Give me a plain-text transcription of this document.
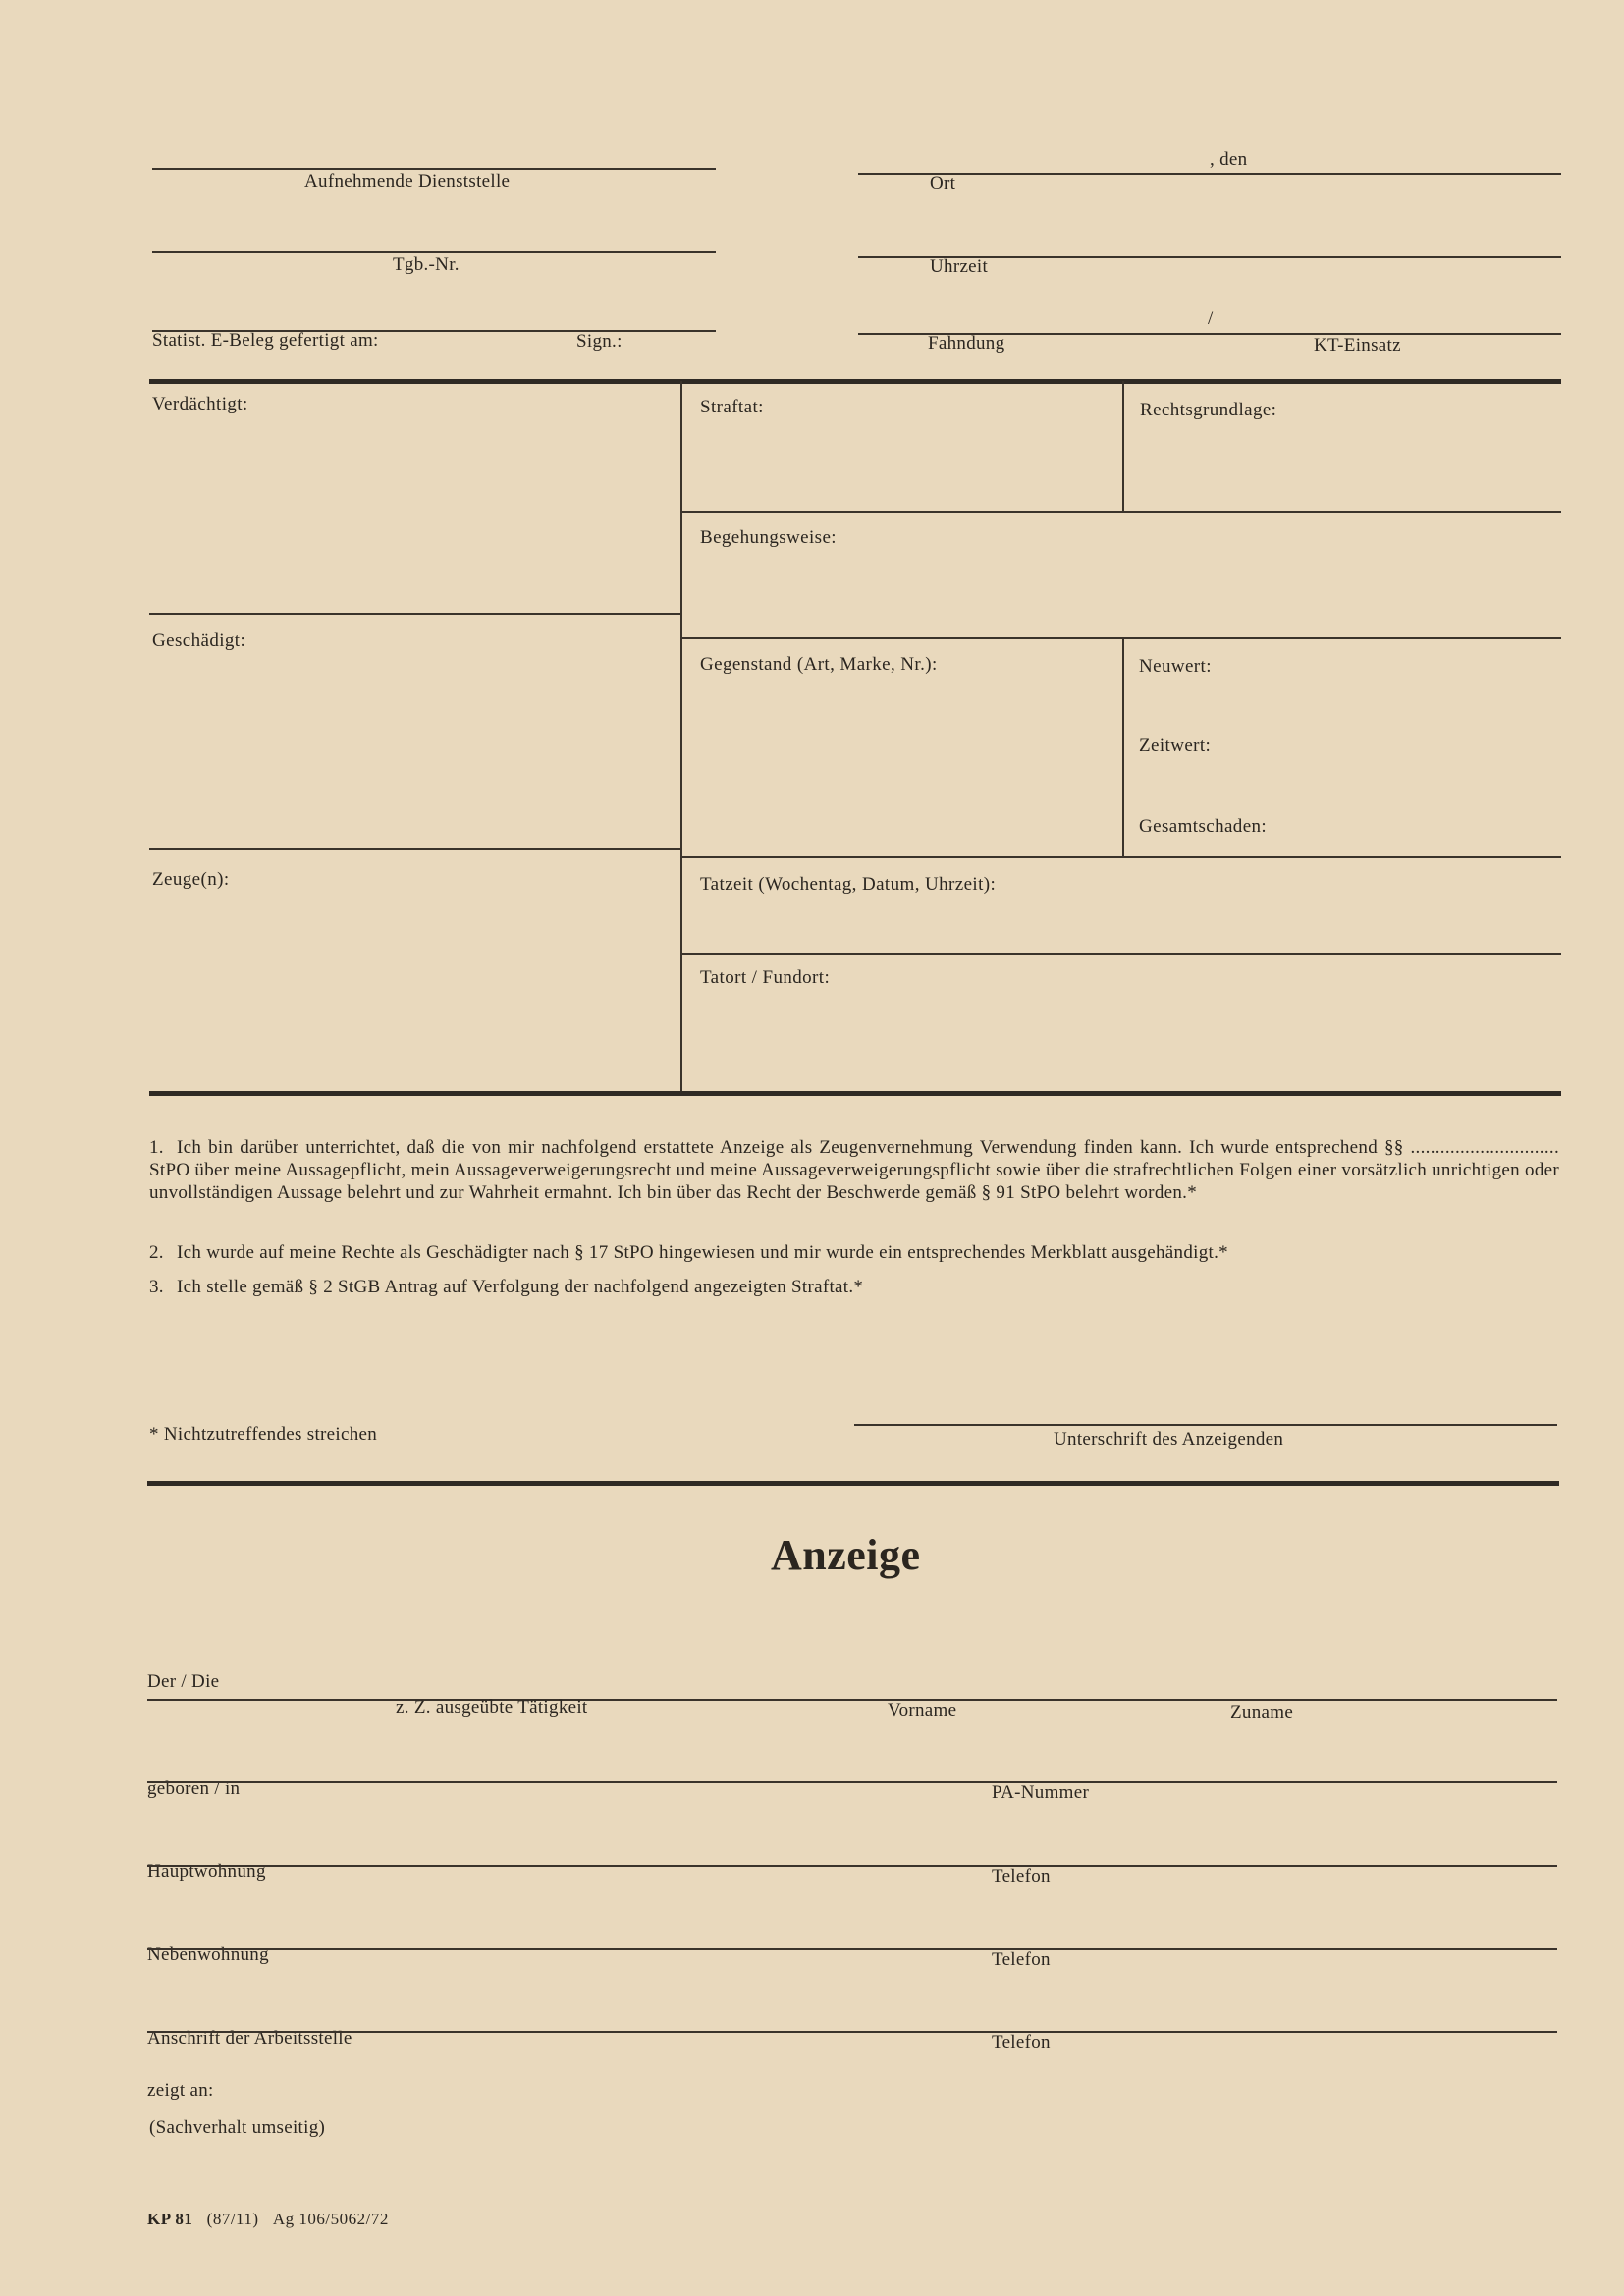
Aufnehmende Dienststelle
, den
Ort
Tgb.-Nr.	Uhrzeit
Statist. E-Beleg gefertigt am:	Sign.:
/
Fahndung	KT-Einsatz
Verdächtigt:	Straftat:	Rechtsgrundlage:
Begehungsweise:
Geschädigt:
Gegenstand (Art, Marke, Nr.):	Neuwert:
Zeitwert:
Gesamtschaden:
Zeuge(n):	Tatzeit (Wochentag, Datum, Uhrzeit):
Tatort / Fundort:
1. Ich bin darüber unterrichtet, daß die von mir nachfolgend erstattete Anzeige als Zeugenvernehmung Verwendung finden kann. Ich wurde entsprechend §§ .............................. StPO über meine Aussagepflicht, mein Aussageverweigerungsrecht und meine Aussageverweigerungspflicht sowie über die strafrechtlichen Folgen einer vorsätzlich unrichtigen oder unvollständigen Aussage belehrt und zur Wahrheit ermahnt. Ich bin über das Recht der Beschwerde gemäß § 91 StPO belehrt worden.*
2. Ich wurde auf meine Rechte als Geschädigter nach § 17 StPO hingewiesen und mir wurde ein entsprechendes Merkblatt ausgehändigt.*
3. Ich stelle gemäß § 2 StGB Antrag auf Verfolgung der nachfolgend angezeigten Straftat.*
* Nichtzutreffendes streichen	Unterschrift des Anzeigenden
Anzeige
Der / Die
z. Z. ausgeübte Tätigkeit	Vorname	Zuname
geboren / in	PA-Nummer
Hauptwohnung	Telefon
Nebenwohnung	Telefon
Anschrift der Arbeitsstelle	Telefon
zeigt an:
(Sachverhalt umseitig)
KP 81 (87/11) Ag 106/5062/72
